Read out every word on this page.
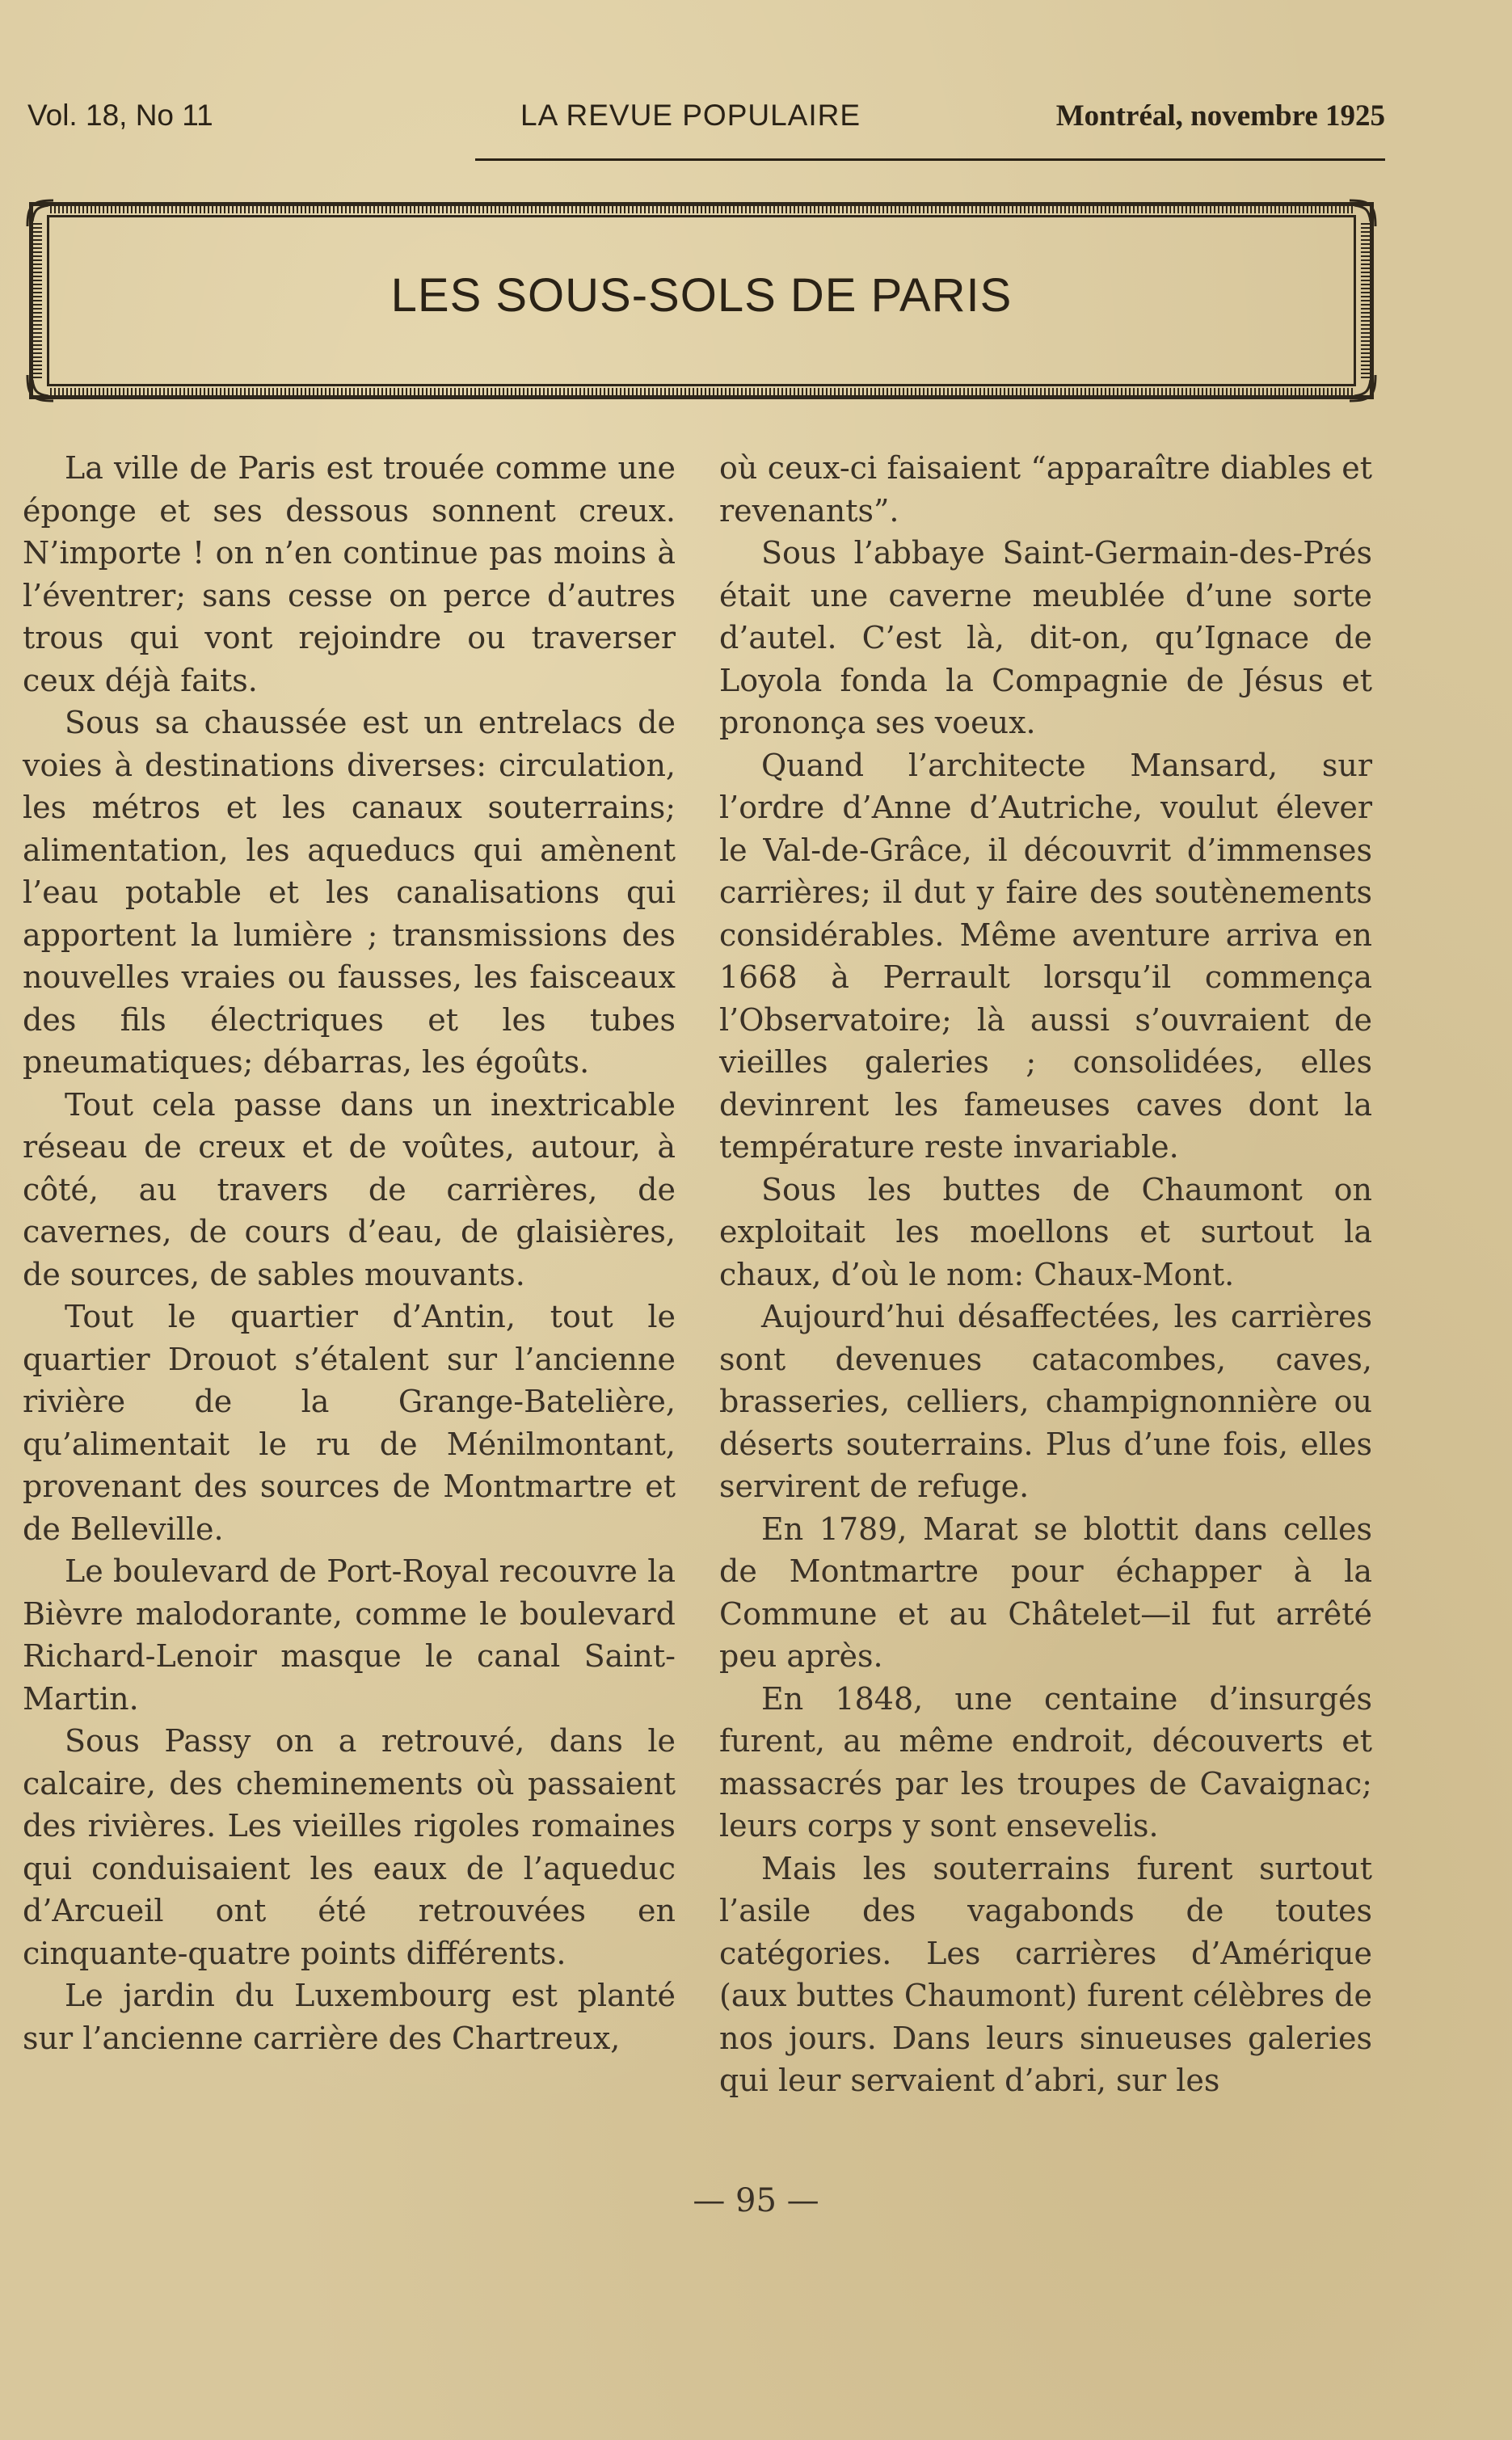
Vol. 18, No 11	LA REVUE POPULAIRE	Montréal, novembre 1925
LES SOUS-SOLS DE PARIS

La ville de Paris est trouée comme une éponge et ses dessous sonnent creux. N’importe ! on n’en continue pas moins à l’éventrer; sans cesse on perce d’autres trous qui vont rejoindre ou traverser ceux déjà faits.

Sous sa chaussée est un entrelacs de voies à destinations diverses: circulation, les métros et les canaux souterrains; alimentation, les aqueducs qui amènent l’eau potable et les canalisations qui apportent la lumière ; transmissions des nouvelles vraies ou fausses, les faisceaux des fils électriques et les tubes pneumatiques; débarras, les égoûts.

Tout cela passe dans un inextricable réseau de creux et de voûtes, autour, à côté, au travers de carrières, de cavernes, de cours d’eau, de glaisières, de sources, de sables mouvants.

Tout le quartier d’Antin, tout le quartier Drouot s’étalent sur l’ancienne rivière de la Grange-Batelière, qu’alimentait le ru de Ménilmontant, provenant des sources de Montmartre et de Belleville.

Le boulevard de Port-Royal recouvre la Bièvre malodorante, comme le boulevard Richard-Lenoir masque le canal Saint-Martin.

Sous Passy on a retrouvé, dans le calcaire, des cheminements où passaient des rivières. Les vieilles rigoles romaines qui conduisaient les eaux de l’aqueduc d’Arcueil ont été retrouvées en cinquante-quatre points différents.

Le jardin du Luxembourg est planté sur l’ancienne carrière des Chartreux,

où ceux-ci faisaient “apparaître diables et revenants”.

Sous l’abbaye Saint-Germain-des-Prés était une caverne meublée d’une sorte d’autel. C’est là, dit-on, qu’Ignace de Loyola fonda la Compagnie de Jésus et prononça ses voeux.

Quand l’architecte Mansard, sur l’ordre d’Anne d’Autriche, voulut élever le Val-de-Grâce, il découvrit d’immenses carrières; il dut y faire des soutènements considérables. Même aventure arriva en 1668 à Perrault lorsqu’il commença l’Observatoire; là aussi s’ouvraient de vieilles galeries ; consolidées, elles devinrent les fameuses caves dont la température reste invariable.

Sous les buttes de Chaumont on exploitait les moellons et surtout la chaux, d’où le nom: Chaux-Mont.

Aujourd’hui désaffectées, les carrières sont devenues catacombes, caves, brasseries, celliers, champignonnière ou déserts souterrains. Plus d’une fois, elles servirent de refuge.

En 1789, Marat se blottit dans celles de Montmartre pour échapper à la Commune et au Châtelet—il fut arrêté peu après.

En 1848, une centaine d’insurgés furent, au même endroit, découverts et massacrés par les troupes de Cavaignac; leurs corps y sont ensevelis.

Mais les souterrains furent surtout l’asile des vagabonds de toutes catégories. Les carrières d’Amérique (aux buttes Chaumont) furent célèbres de nos jours. Dans leurs sinueuses galeries qui leur servaient d’abri, sur les

— 95 —
